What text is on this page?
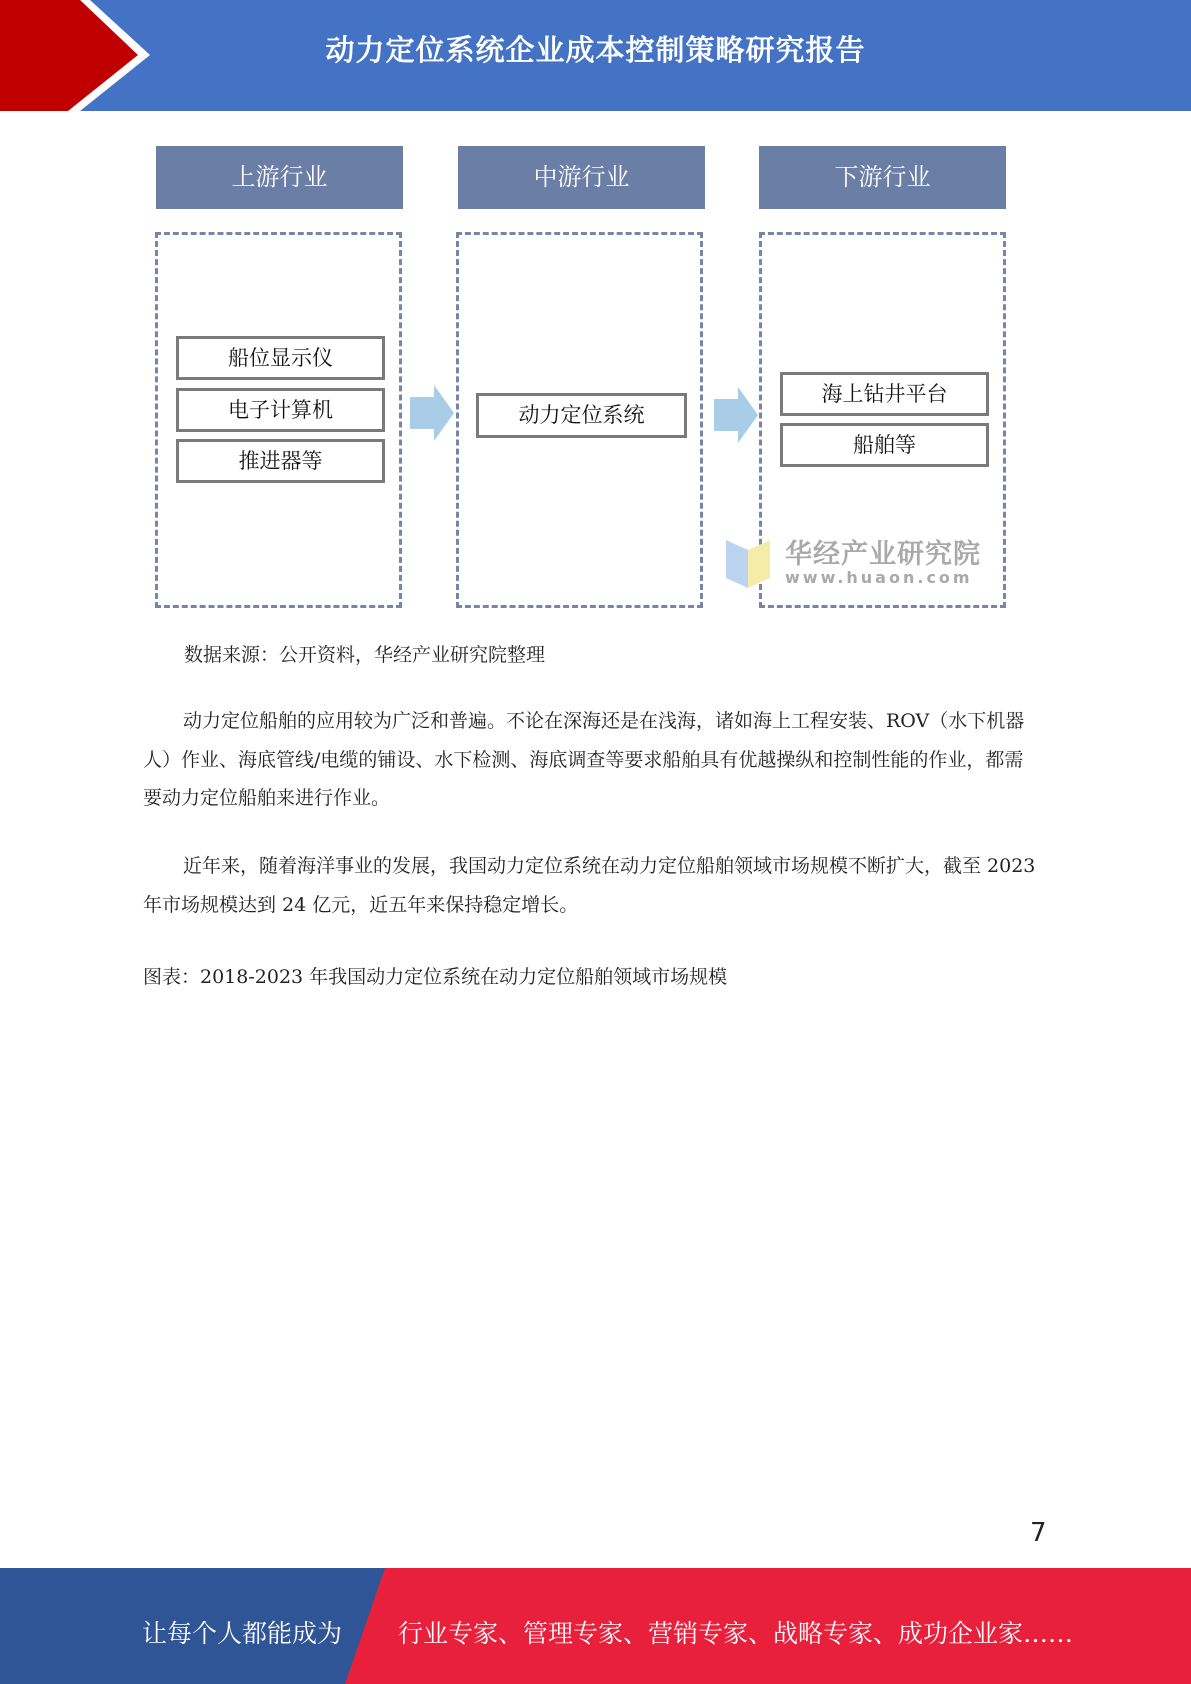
动力定位系统企业成本控制策略研究报告
上游行业	中游行业	下游行业
船位显示仪
电子计算机
推进器等
动力定位系统
海上钻井平台
船舶等
华经产业研究院
www.huaon.com
数据来源：公开资料，华经产业研究院整理
动力定位船舶的应用较为广泛和普遍。不论在深海还是在浅海，诸如海上工程安装、ROV（水下机器人）作业、海底管线/电缆的铺设、水下检测、海底调查等要求船舶具有优越操纵和控制性能的作业，都需要动力定位船舶来进行作业。
近年来，随着海洋事业的发展，我国动力定位系统在动力定位船舶领域市场规模不断扩大，截至 2023 年市场规模达到 24 亿元，近五年来保持稳定增长。
图表：2018-2023 年我国动力定位系统在动力定位船舶领域市场规模
7
让每个人都能成为 行业专家、管理专家、营销专家、战略专家、成功企业家……
